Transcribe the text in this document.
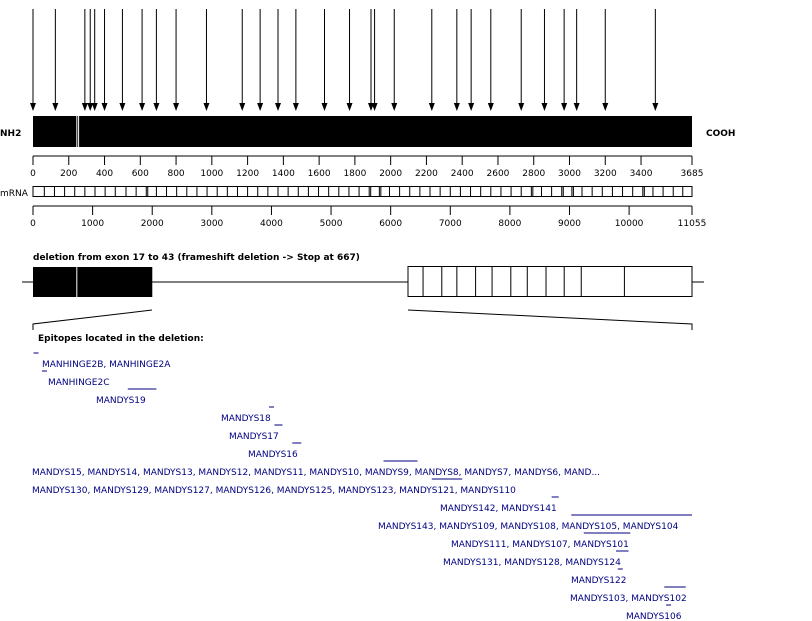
NH2	COOH
0	200 400 600 800 1000 1200 1400 1600 1800 2000 2200 2400 2600 2800 3000 3200 3400	3685
mRNA
0	1000	2000	3000	4000	5000	6000	7000	8000	9000	10000	11055
deletion from exon 17 to 43 (frameshift deletion -> Stop at 667)
Epitopes located in the deletion:
MANHINGE2B, MANHINGE2A
MANHINGE2C
MANDYS19
MANDYS18
MANDYS17
MANDYS16
MANDYS15, MANDYS14, MANDYS13, MANDYS12, MANDYS11, MANDYS10, MANDYS9, MANDYS8, MANDYS7, MANDYS6, MAND...
MANDYS130, MANDYS129, MANDYS127, MANDYS126, MANDYS125, MANDYS123, MANDYS121, MANDYS110
MANDYS142, MANDYS141
MANDYS143, MANDYS109, MANDYS108, MANDYS105, MANDYS104
MANDYS111, MANDYS107, MANDYS101
MANDYS131, MANDYS128, MANDYS124
MANDYS122
MANDYS103, MANDYS102
MANDYS106
